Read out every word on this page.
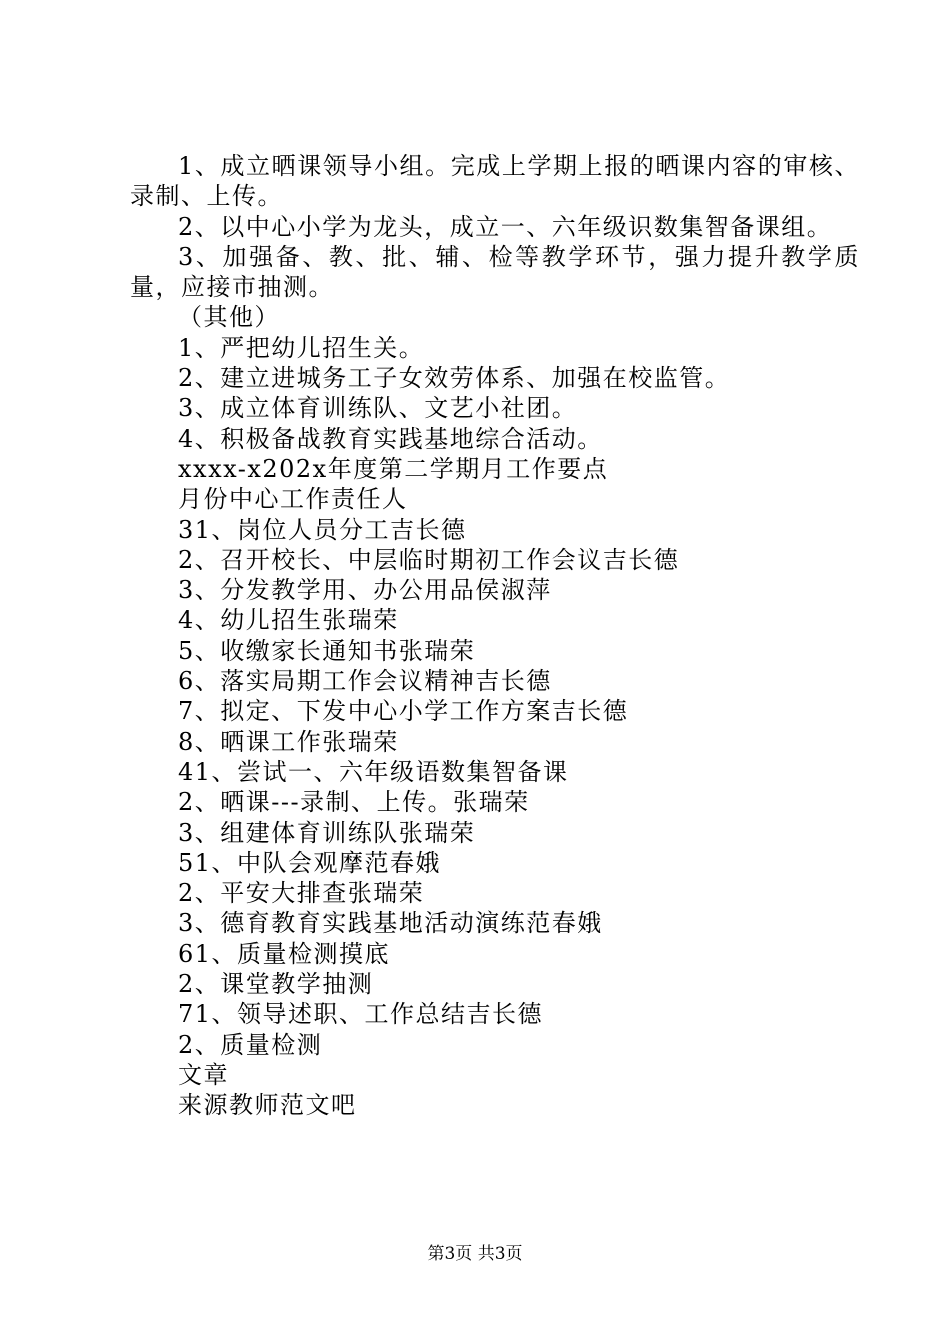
1、成立晒课领导小组。完成上学期上报的晒课内容的审核、录制、上传。

2、以中心小学为龙头，成立一、六年级识数集智备课组。

3、加强备、教、批、辅、检等教学环节，强力提升教学质量，应接市抽测。

（其他）

1、严把幼儿招生关。

2、建立进城务工子女效劳体系、加强在校监管。

3、成立体育训练队、文艺小社团。

4、积极备战教育实践基地综合活动。

xxxx-x202x年度第二学期月工作要点

月份中心工作责任人

31、岗位人员分工吉长德

2、召开校长、中层临时期初工作会议吉长德

3、分发教学用、办公用品侯淑萍

4、幼儿招生张瑞荣

5、收缴家长通知书张瑞荣

6、落实局期工作会议精神吉长德

7、拟定、下发中心小学工作方案吉长德

8、晒课工作张瑞荣

41、尝试一、六年级语数集智备课

2、晒课---录制、上传。张瑞荣

3、组建体育训练队张瑞荣

51、中队会观摩范春娥

2、平安大排查张瑞荣

3、德育教育实践基地活动演练范春娥

61、质量检测摸底

2、课堂教学抽测

71、领导述职、工作总结吉长德

2、质量检测

文章

来源教师范文吧

第3页 共3页
